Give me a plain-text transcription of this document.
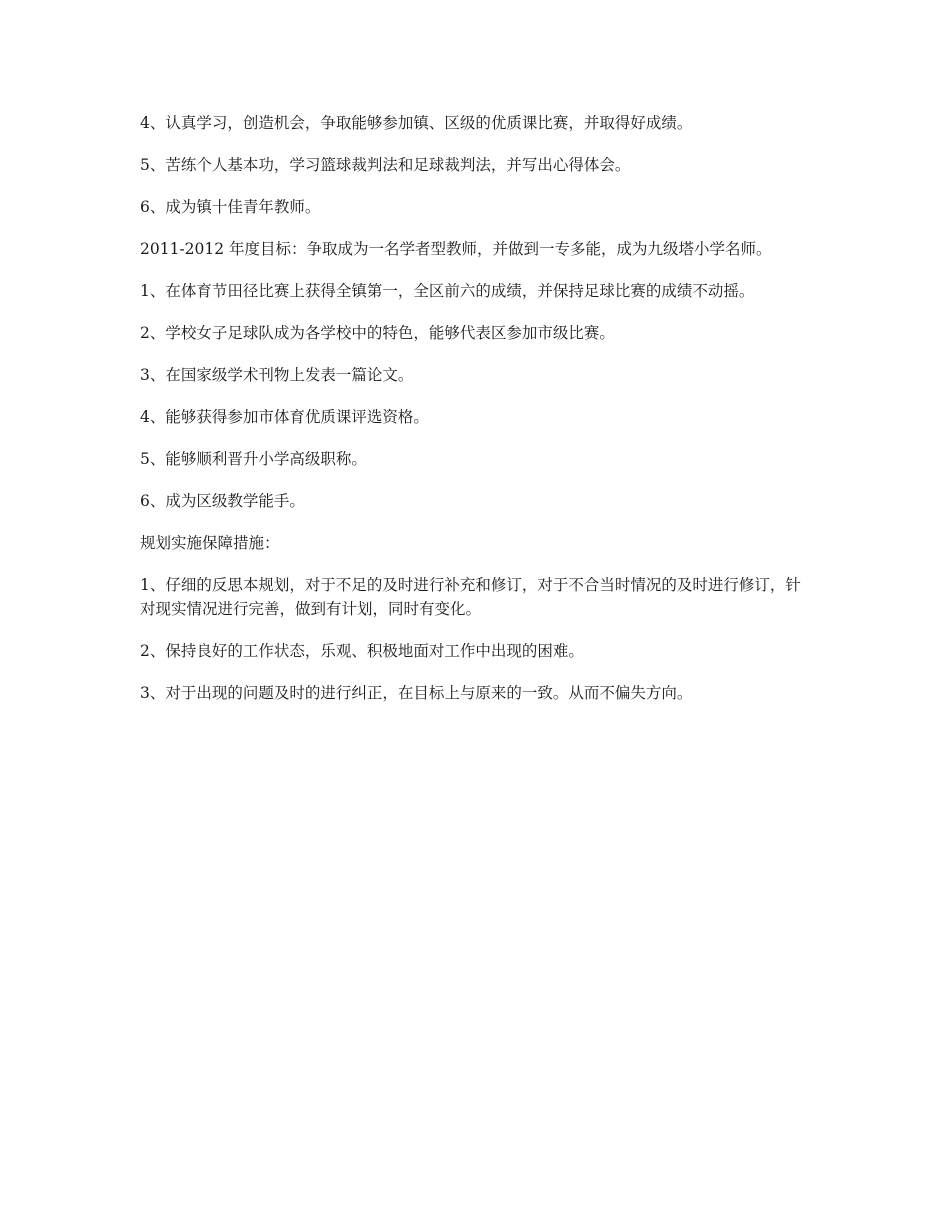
4、认真学习，创造机会，争取能够参加镇、区级的优质课比赛，并取得好成绩。

5、苦练个人基本功，学习篮球裁判法和足球裁判法，并写出心得体会。

6、成为镇十佳青年教师。

2011-2012 年度目标：争取成为一名学者型教师，并做到一专多能，成为九级塔小学名师。

1、在体育节田径比赛上获得全镇第一，全区前六的成绩，并保持足球比赛的成绩不动摇。

2、学校女子足球队成为各学校中的特色，能够代表区参加市级比赛。

3、在国家级学术刊物上发表一篇论文。

4、能够获得参加市体育优质课评选资格。

5、能够顺利晋升小学高级职称。

6、成为区级教学能手。

规划实施保障措施：

1、仔细的反思本规划，对于不足的及时进行补充和修订，对于不合当时情况的及时进行修订，针对现实情况进行完善，做到有计划，同时有变化。

2、保持良好的工作状态，乐观、积极地面对工作中出现的困难。

3、对于出现的问题及时的进行纠正，在目标上与原来的一致。从而不偏失方向。
